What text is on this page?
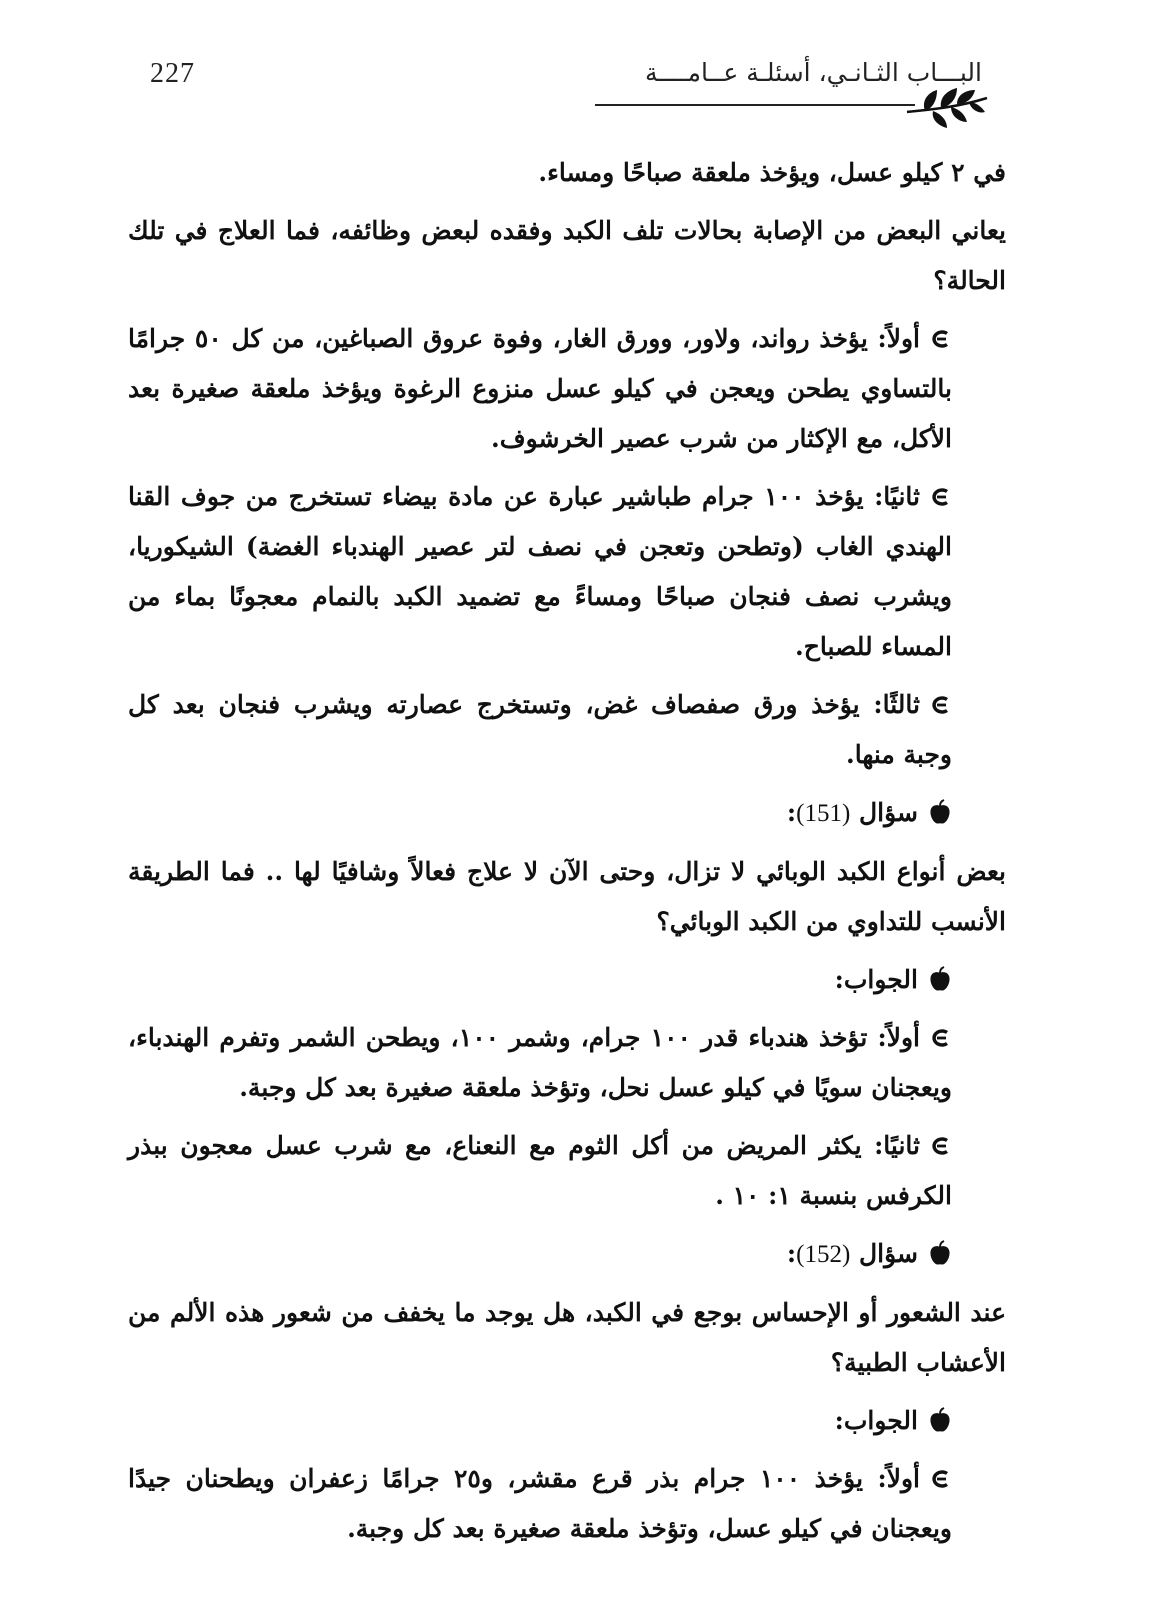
227	البـــاب الثـانـي، أسئلـة عــامــــة

في ٢ كيلو عسل، ويؤخذ ملعقة صباحًا ومساء.

يعاني البعض من الإصابة بحالات تلف الكبد وفقده لبعض وظائفه، فما العلاج في تلك الحالة؟

أولاً: يؤخذ رواند، ولاور، وورق الغار، وفوة عروق الصباغين، من كل ٥٠ جرامًا بالتساوي يطحن ويعجن في كيلو عسل منزوع الرغوة ويؤخذ ملعقة صغيرة بعد الأكل، مع الإكثار من شرب عصير الخرشوف.

ثانيًا: يؤخذ ١٠٠ جرام طباشير عبارة عن مادة بيضاء تستخرج من جوف القنا الهندي الغاب (وتطحن وتعجن في نصف لتر عصير الهندباء الغضة) الشيكوريا، ويشرب نصف فنجان صباحًا ومساءً مع تضميد الكبد بالنمام معجونًا بماء من المساء للصباح.

ثالثًا: يؤخذ ورق صفصاف غض، وتستخرج عصارته ويشرب فنجان بعد كل وجبة منها.

سؤال (151):

بعض أنواع الكبد الوبائي لا تزال، وحتى الآن لا علاج فعالاً وشافيًا لها .. فما الطريقة الأنسب للتداوي من الكبد الوبائي؟

الجواب:

أولاً: تؤخذ هندباء قدر ١٠٠ جرام، وشمر ١٠٠، ويطحن الشمر وتفرم الهندباء، ويعجنان سويًا في كيلو عسل نحل، وتؤخذ ملعقة صغيرة بعد كل وجبة.

ثانيًا: يكثر المريض من أكل الثوم مع النعناع، مع شرب عسل معجون ببذر الكرفس بنسبة ١: ١٠ .

سؤال (152):

عند الشعور أو الإحساس بوجع في الكبد، هل يوجد ما يخفف من شعور هذه الألم من الأعشاب الطبية؟

الجواب:

أولاً: يؤخذ ١٠٠ جرام بذر قرع مقشر، و٢٥ جرامًا زعفران ويطحنان جيدًا ويعجنان في كيلو عسل، وتؤخذ ملعقة صغيرة بعد كل وجبة.
